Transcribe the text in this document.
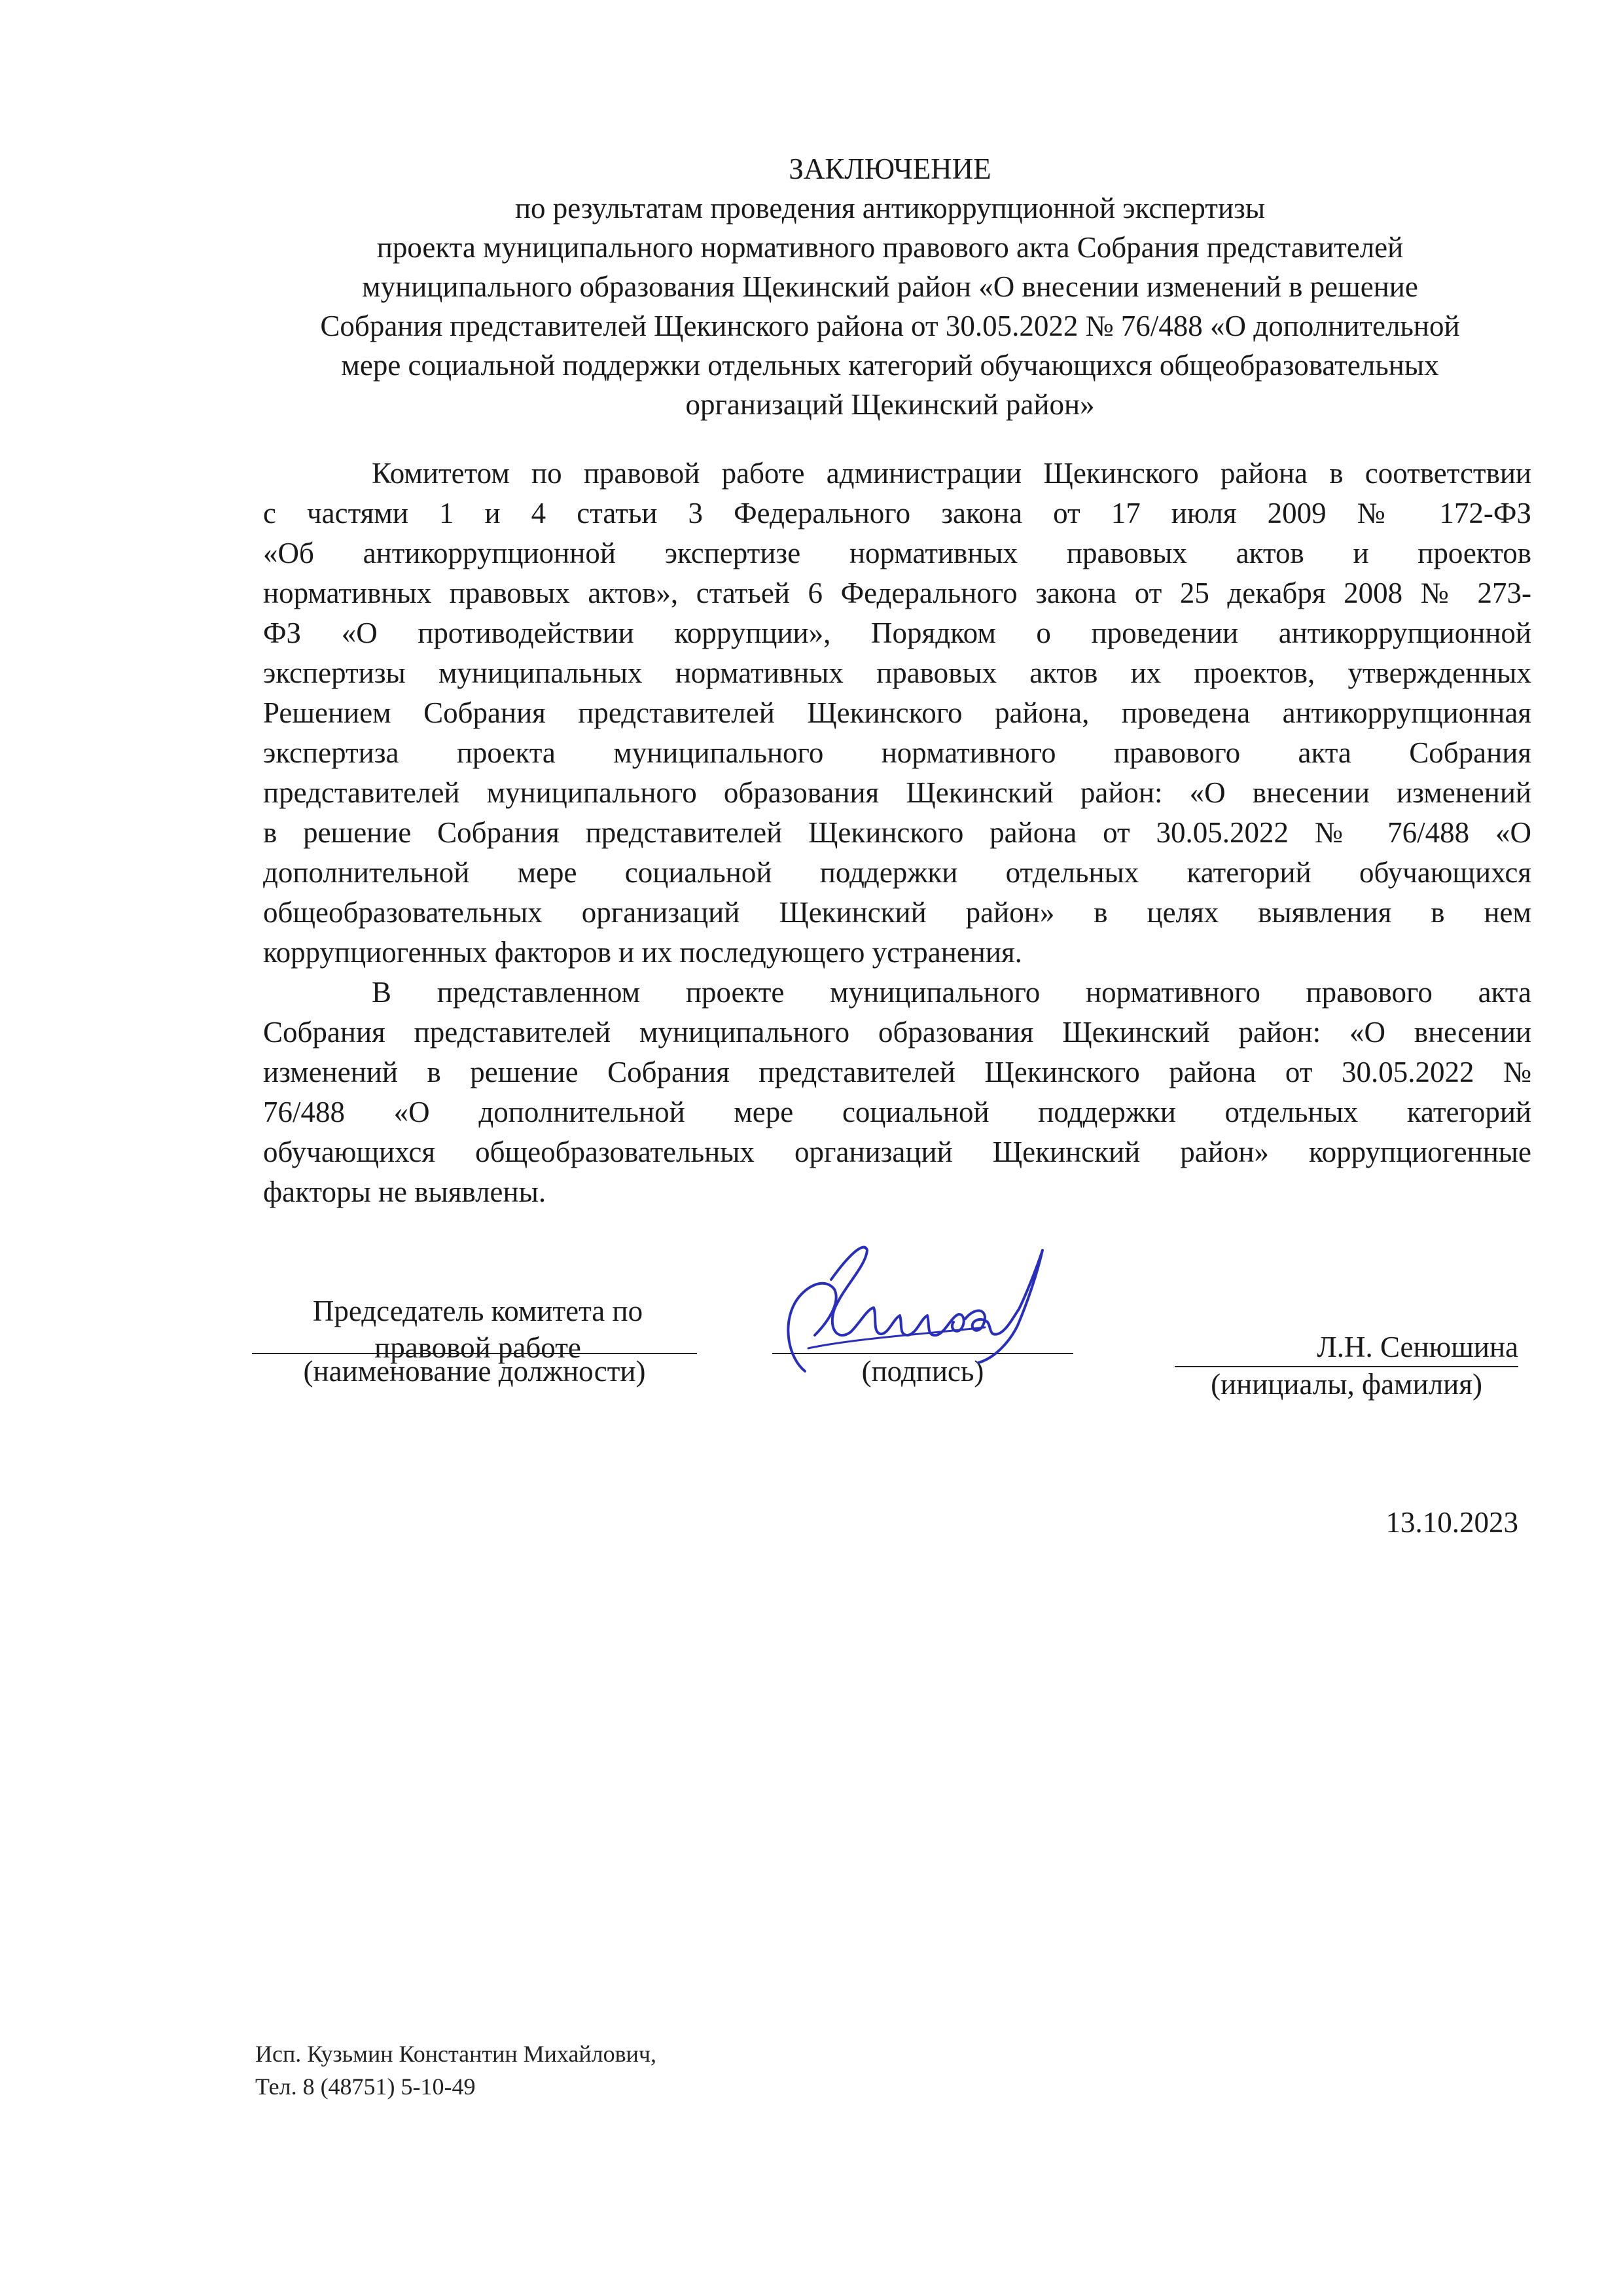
ЗАКЛЮЧЕНИЕ
по результатам проведения антикоррупционной экспертизы
проекта муниципального нормативного правового акта Собрания представителей
муниципального образования Щекинский район «О внесении изменений в решение
Собрания представителей Щекинского района от 30.05.2022 № 76/488 «О дополнительной
мере социальной поддержки отдельных категорий обучающихся общеобразовательных
организаций Щекинский район»
Комитетом по правовой работе администрации Щекинского района в соответствии
с частями 1 и 4 статьи 3 Федерального закона от 17 июля 2009 № 172-ФЗ
«Об антикоррупционной экспертизе нормативных правовых актов и проектов
нормативных правовых актов», статьей 6 Федерального закона от 25 декабря 2008 № 273-
ФЗ «О противодействии коррупции», Порядком о проведении антикоррупционной
экспертизы муниципальных нормативных правовых актов их проектов, утвержденных
Решением Собрания представителей Щекинского района, проведена антикоррупционная
экспертиза проекта муниципального нормативного правового акта Собрания
представителей муниципального образования Щекинский район: «О внесении изменений
в решение Собрания представителей Щекинского района от 30.05.2022 № 76/488 «О
дополнительной мере социальной поддержки отдельных категорий обучающихся
общеобразовательных организаций Щекинский район» в целях выявления в нем
коррупциогенных факторов и их последующего устранения.
В представленном проекте муниципального нормативного правового акта
Собрания представителей муниципального образования Щекинский район: «О внесении
изменений в решение Собрания представителей Щекинского района от 30.05.2022 №
76/488 «О дополнительной мере социальной поддержки отдельных категорий
обучающихся общеобразовательных организаций Щекинский район» коррупциогенные
факторы не выявлены.
Председатель комитета по
правовой работе
(наименование должности)	(подпись)
Л.Н. Сенюшина
(инициалы, фамилия)
13.10.2023
Исп. Кузьмин Константин Михайлович,
Тел. 8 (48751) 5-10-49
